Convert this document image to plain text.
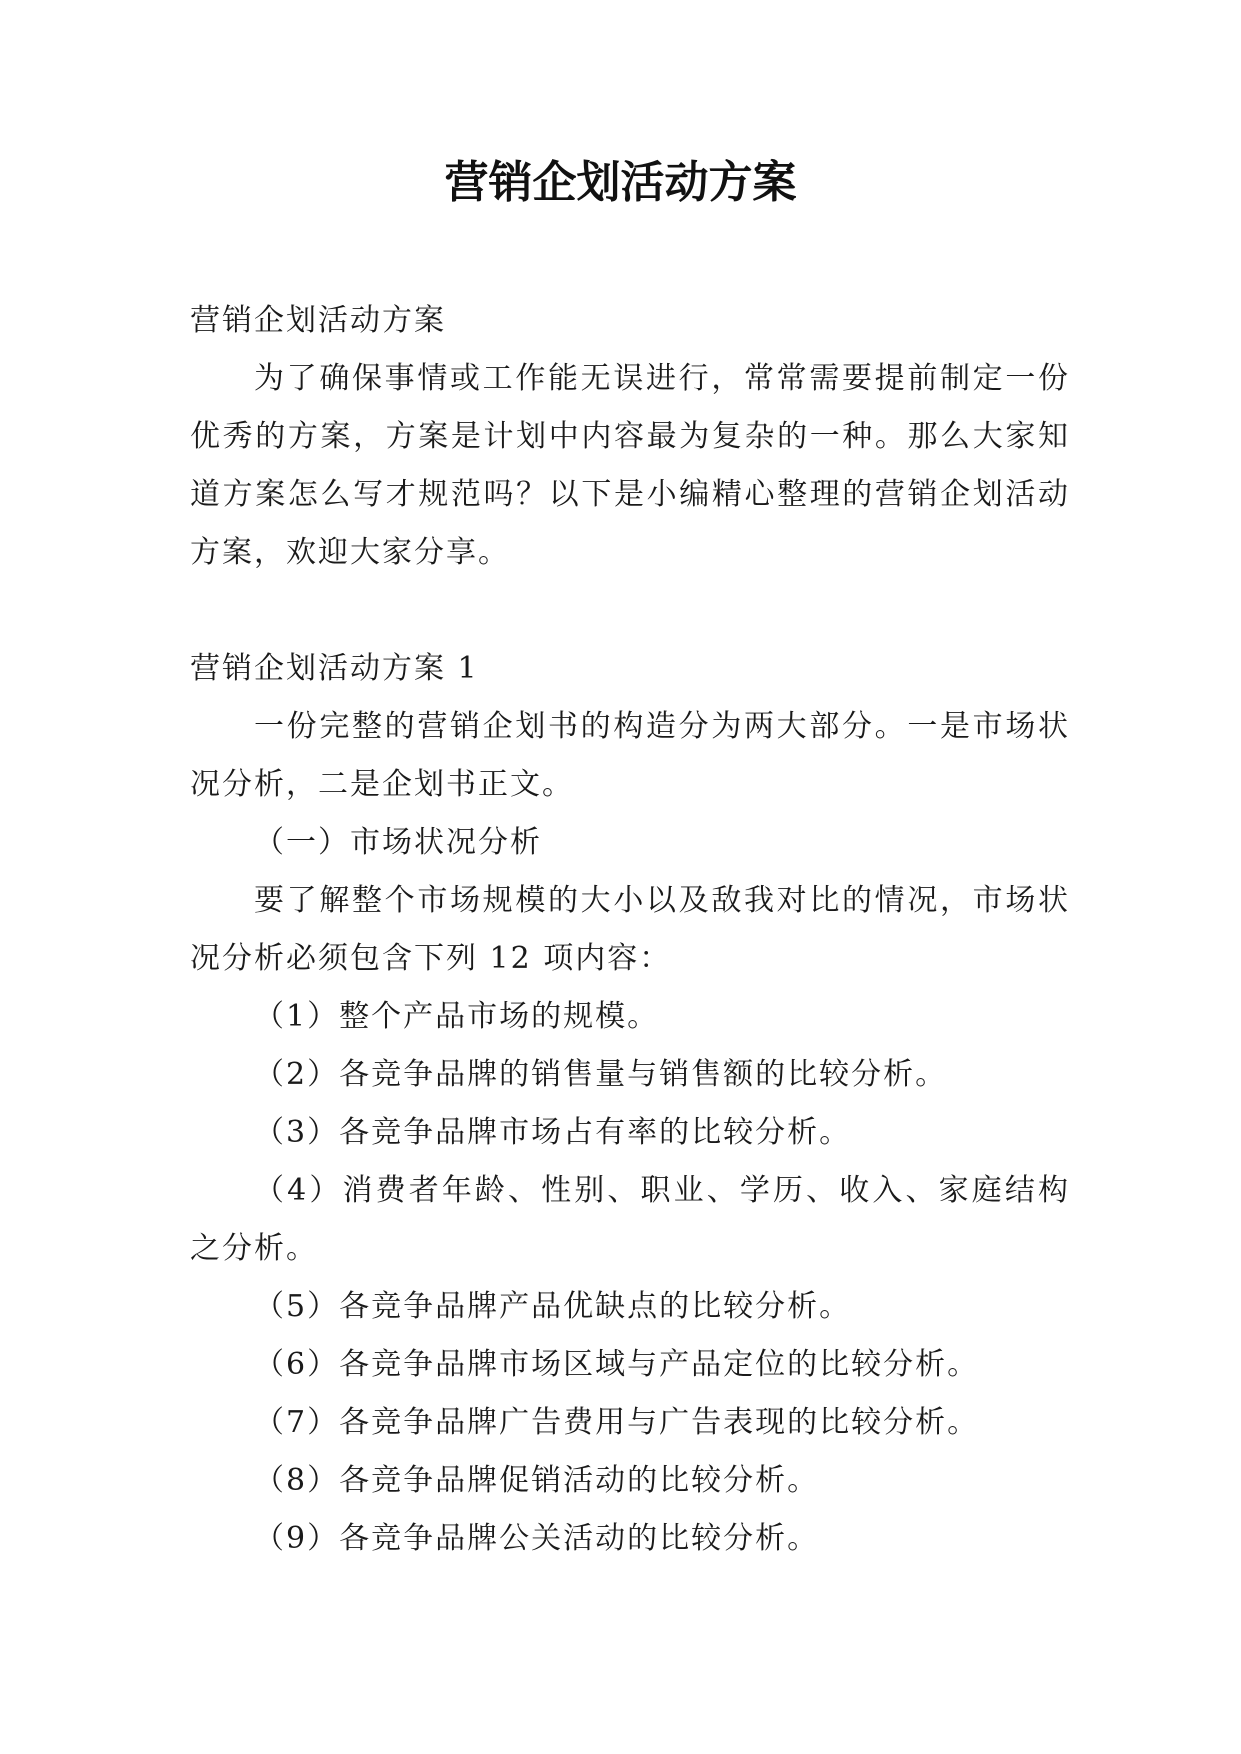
营销企划活动方案

营销企划活动方案

为了确保事情或工作能无误进行，常常需要提前制定一份优秀的方案，方案是计划中内容最为复杂的一种。那么大家知道方案怎么写才规范吗？以下是小编精心整理的营销企划活动方案，欢迎大家分享。

营销企划活动方案 1

一份完整的营销企划书的构造分为两大部分。一是市场状况分析，二是企划书正文。

（一）市场状况分析

要了解整个市场规模的大小以及敌我对比的情况，市场状况分析必须包含下列 12 项内容：

（1）整个产品市场的规模。

（2）各竞争品牌的销售量与销售额的比较分析。

（3）各竞争品牌市场占有率的比较分析。

（4）消费者年龄、性别、职业、学历、收入、家庭结构之分析。

（5）各竞争品牌产品优缺点的比较分析。

（6）各竞争品牌市场区域与产品定位的比较分析。

（7）各竞争品牌广告费用与广告表现的比较分析。

（8）各竞争品牌促销活动的比较分析。

（9）各竞争品牌公关活动的比较分析。
